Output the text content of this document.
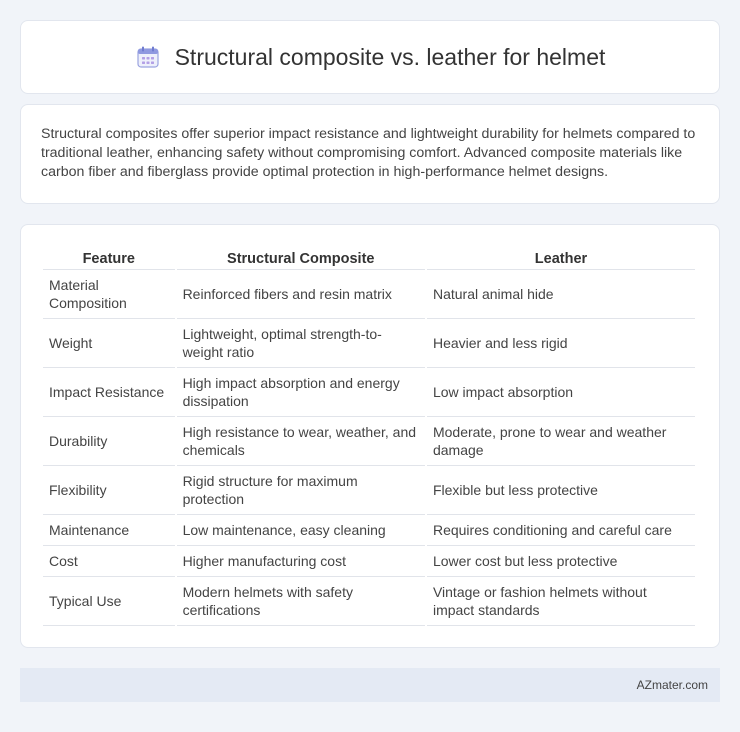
Structural composite vs. leather for helmet

Structural composites offer superior impact resistance and lightweight durability for helmets compared to traditional leather, enhancing safety without compromising comfort. Advanced composite materials like carbon fiber and fiberglass provide optimal protection in high-performance helmet designs.

Feature	Structural Composite	Leather
Material Composition	Reinforced fibers and resin matrix	Natural animal hide
Weight	Lightweight, optimal strength-to-weight ratio	Heavier and less rigid
Impact Resistance	High impact absorption and energy dissipation	Low impact absorption
Durability	High resistance to wear, weather, and chemicals	Moderate, prone to wear and weather damage
Flexibility	Rigid structure for maximum protection	Flexible but less protective
Maintenance	Low maintenance, easy cleaning	Requires conditioning and careful care
Cost	Higher manufacturing cost	Lower cost but less protective
Typical Use	Modern helmets with safety certifications	Vintage or fashion helmets without impact standards
AZmater.com
